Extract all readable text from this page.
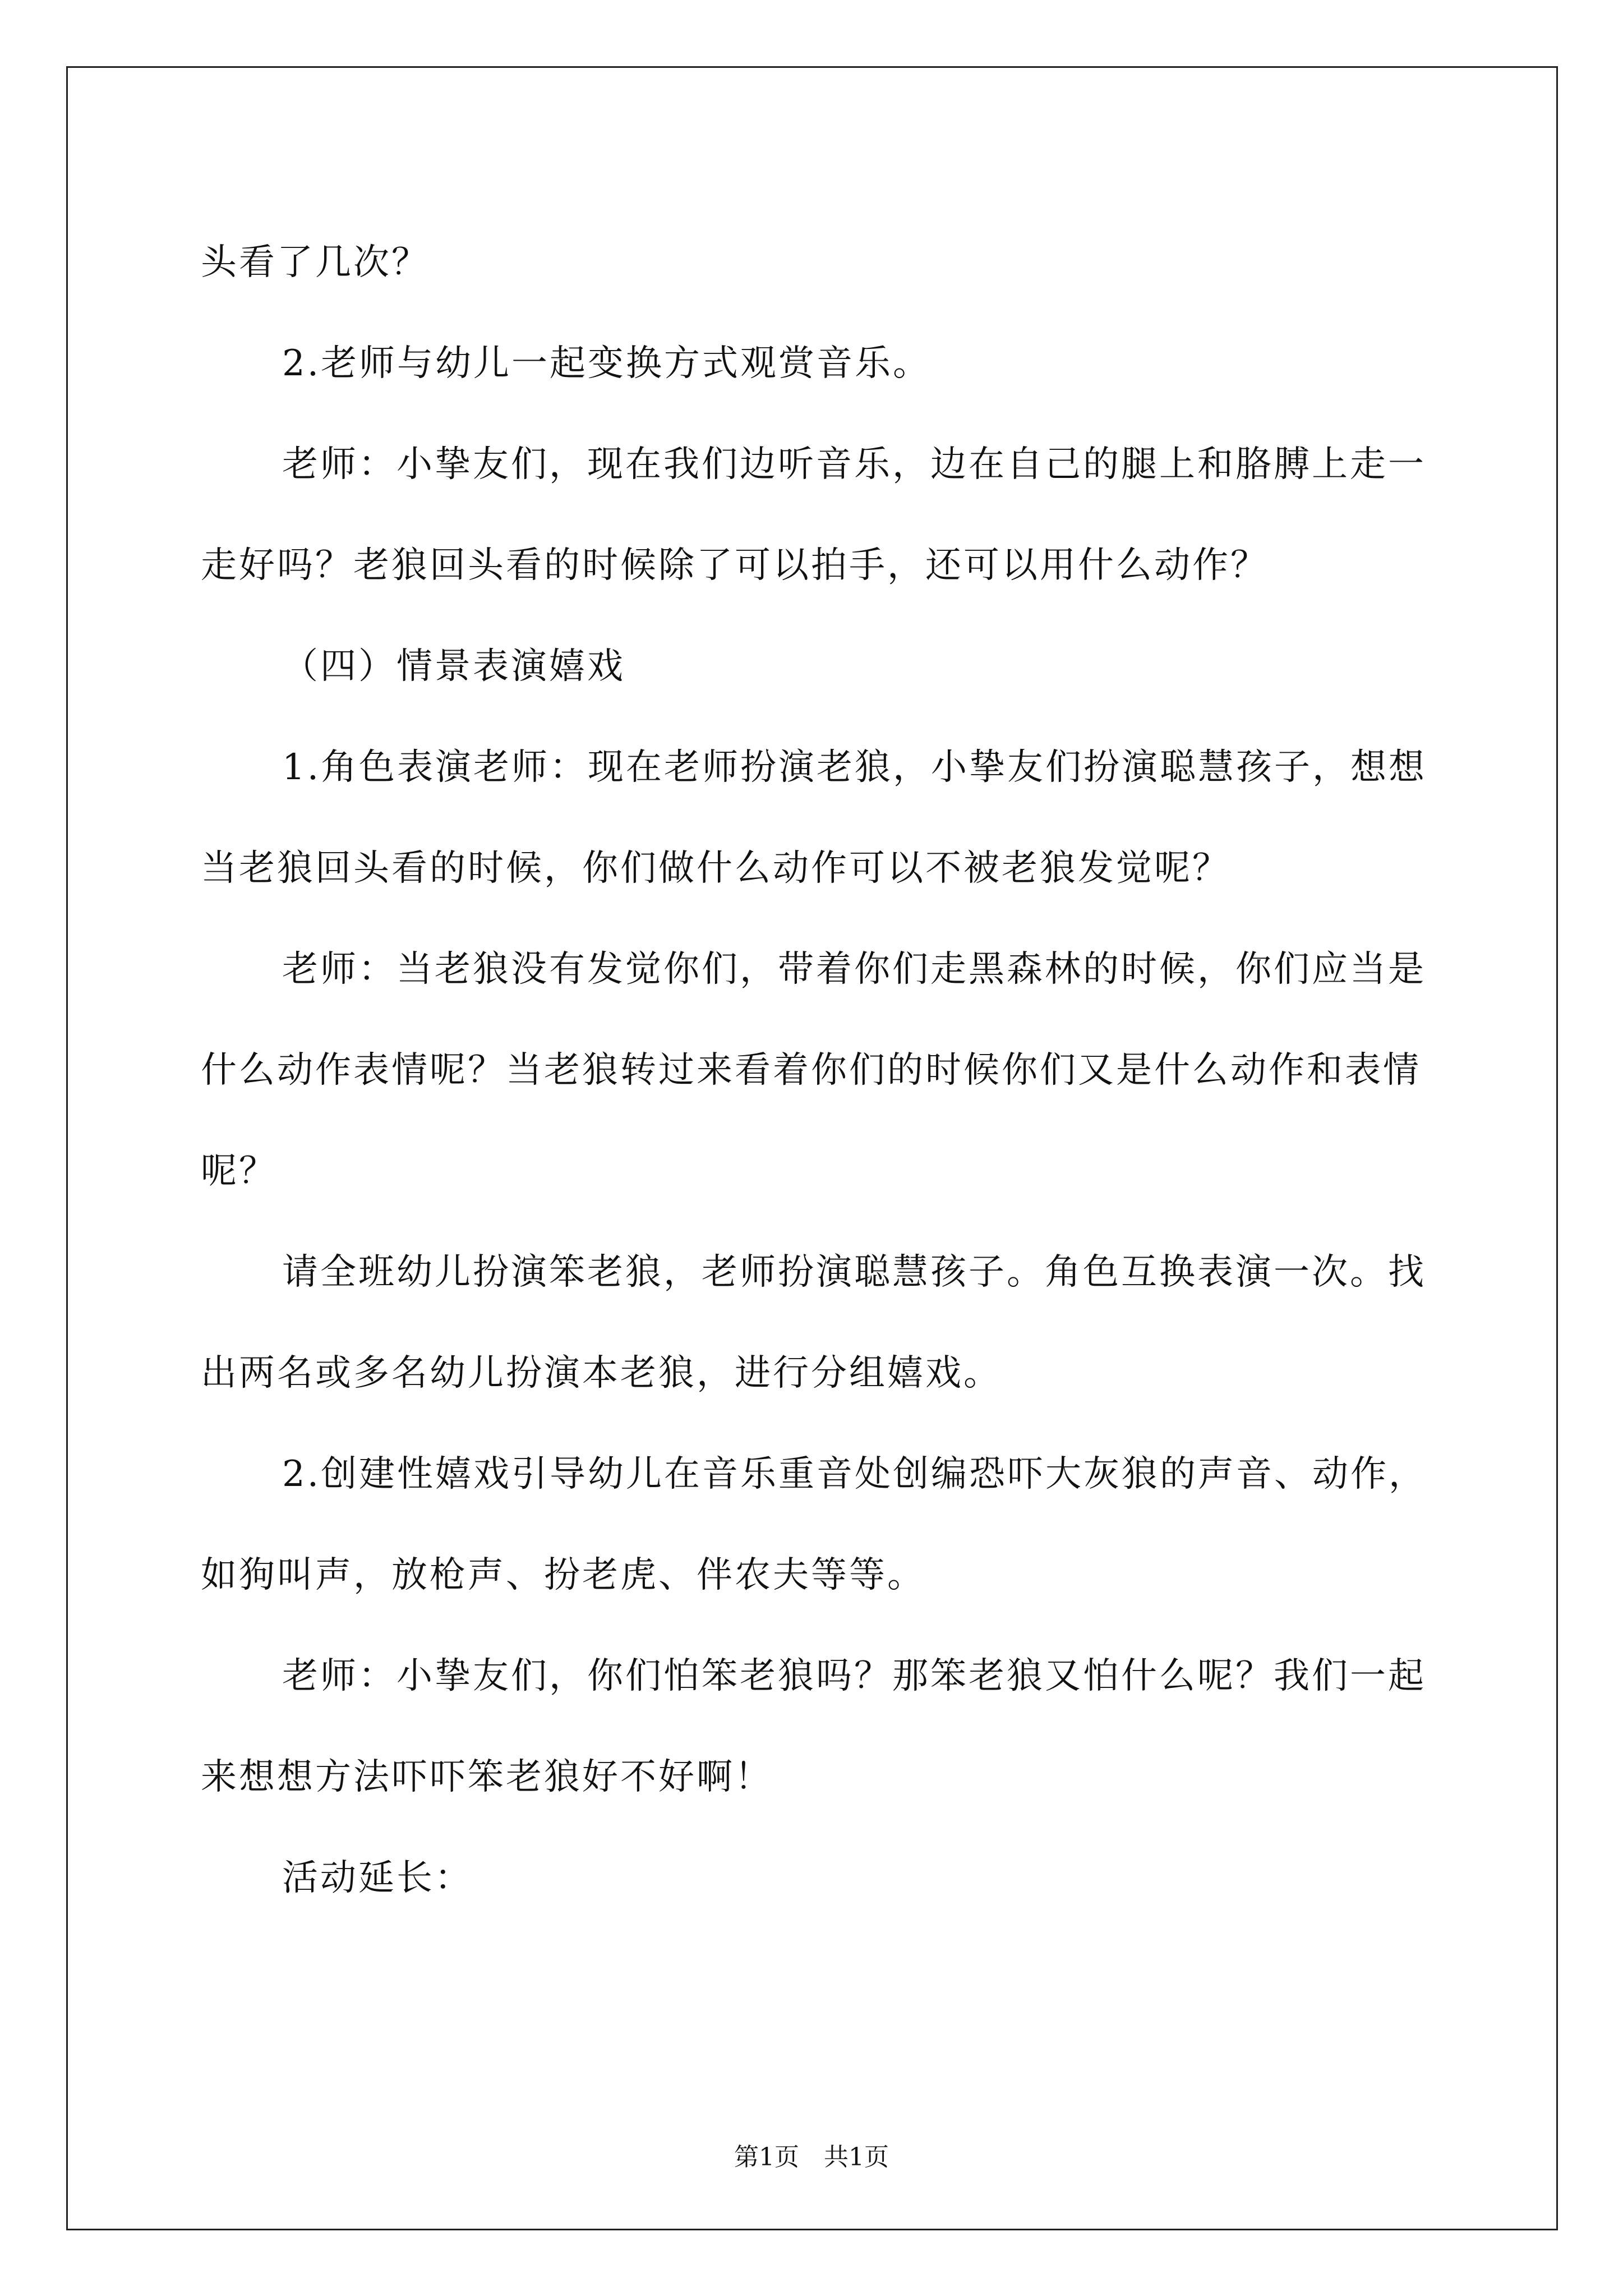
头看了几次？

2.老师与幼儿一起变换方式观赏音乐。

老师：小挚友们，现在我们边听音乐，边在自己的腿上和胳膊上走一走好吗？老狼回头看的时候除了可以拍手，还可以用什么动作？

（四）情景表演嬉戏

1.角色表演老师：现在老师扮演老狼，小挚友们扮演聪慧孩子，想想当老狼回头看的时候，你们做什么动作可以不被老狼发觉呢？

老师：当老狼没有发觉你们，带着你们走黑森林的时候，你们应当是什么动作表情呢？当老狼转过来看着你们的时候你们又是什么动作和表情呢？

请全班幼儿扮演笨老狼，老师扮演聪慧孩子。角色互换表演一次。找出两名或多名幼儿扮演本老狼，进行分组嬉戏。

2.创建性嬉戏引导幼儿在音乐重音处创编恐吓大灰狼的声音、动作，如狗叫声，放枪声、扮老虎、伴农夫等等。

老师：小挚友们，你们怕笨老狼吗？那笨老狼又怕什么呢？我们一起来想想方法吓吓笨老狼好不好啊！

活动延长：

第1页　共1页
